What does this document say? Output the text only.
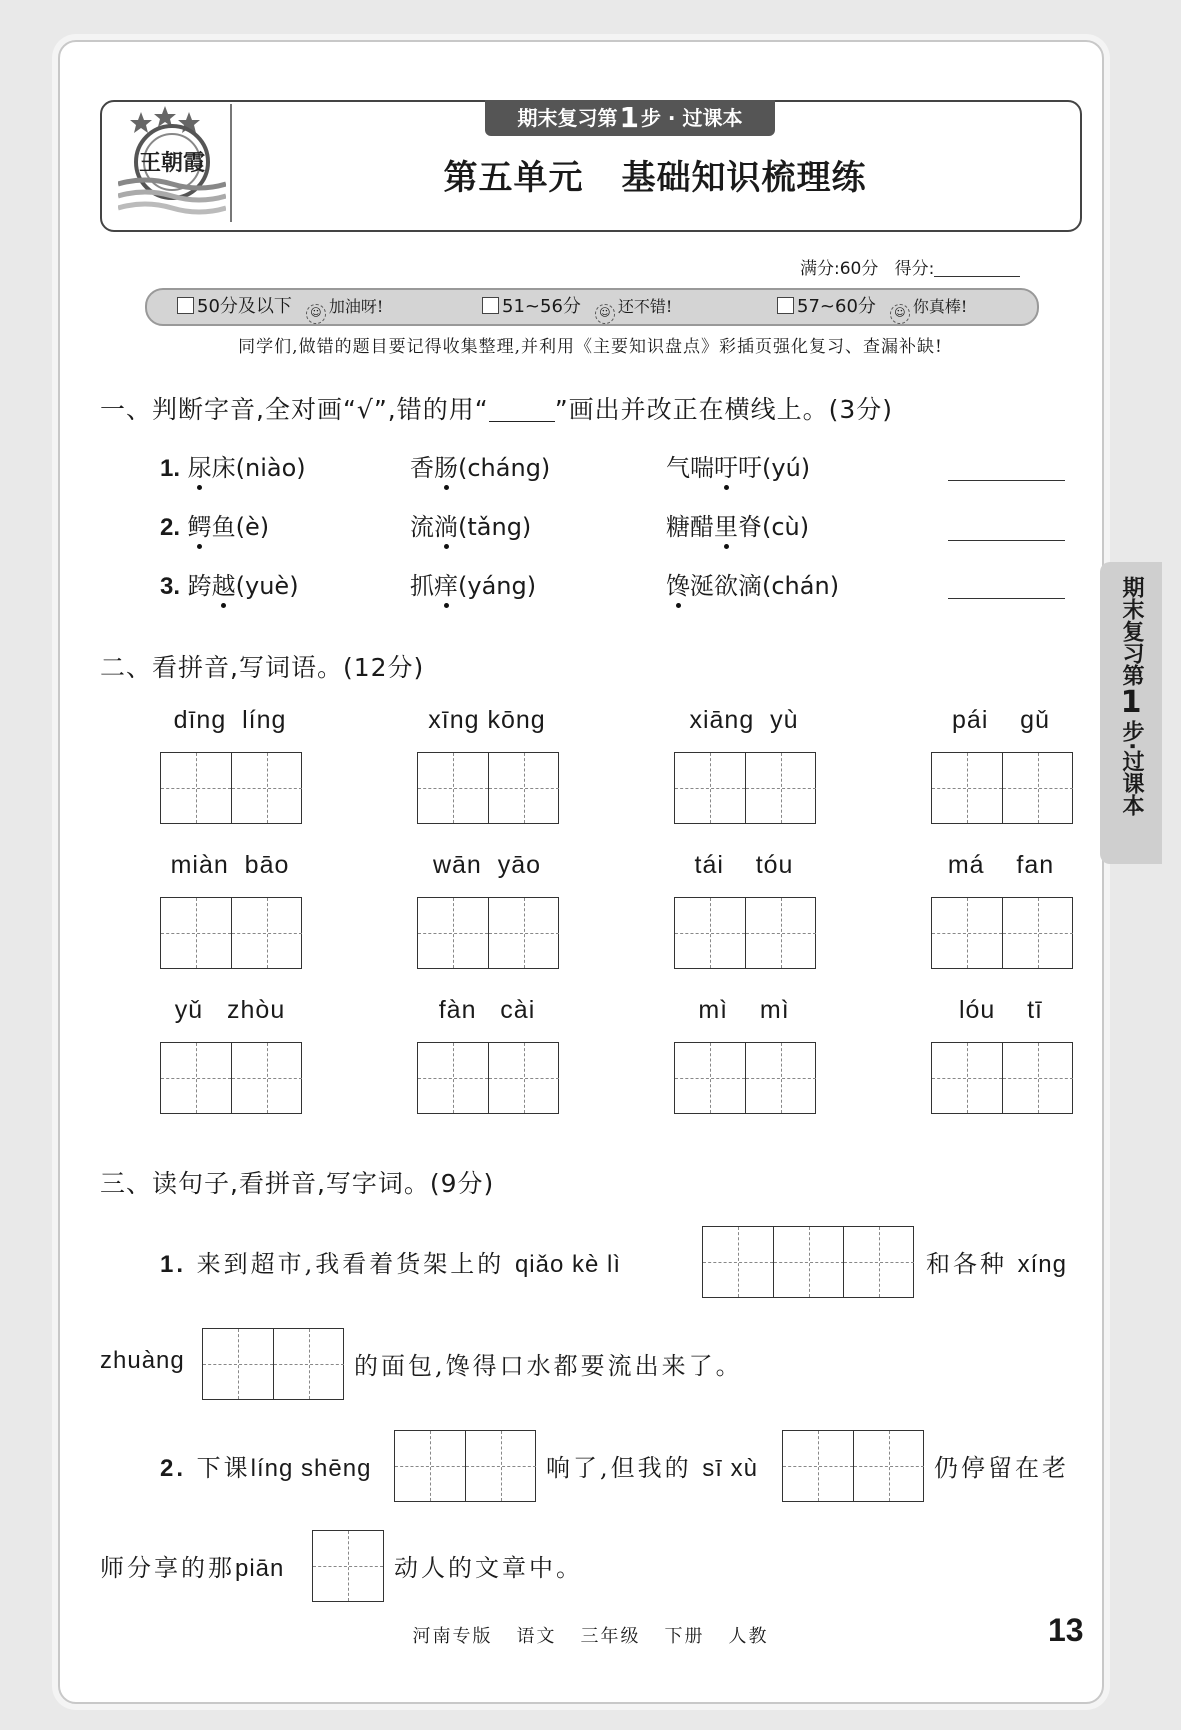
王朝霞
期末复习第1 步 · 过课本
第五单元 基础知识梳理练
满分:60分 得分:
50分及以下 ☺ 加油呀!	51~56分 ☺ 还不错!	57~60分 ☺ 你真棒!
同学们,做错的题目要记得收集整理,并利用《主要知识盘点》彩插页强化复习、查漏补缺!
一、判断字音,全对画“√”,错的用“	”画出并改正在横线上。(3分)
1. 尿床(niào)	香肠(cháng)	气喘吁吁(yú)
2. 鳄鱼(è)	流淌(tǎng)	糖醋里脊(cù)
3. 跨越(yuè)	抓痒(yáng)	馋涎欲滴(chán)
二、看拼音,写词语。(12分)
dīng  líng	xīng kōng	xiāng  yù	pái    gǔ
miàn  bāo	wān  yāo	tái    tóu	má    fan
yǔ   zhòu	fàn   cài	mì    mì	lóu    tī
三、读句子,看拼音,写字词。(9分)
1. 来到超市,我看着货架上的 qiǎo kè lì	和各种 xíng
zhuàng	的面包,馋得口水都要流出来了。
2. 下课líng shēng	响了,但我的 sī xù	仍停留在老
师分享的那piān	动人的文章中。
期末复习第
1
步·过课本
河南专版 语文 三年级 下册 人教	13
